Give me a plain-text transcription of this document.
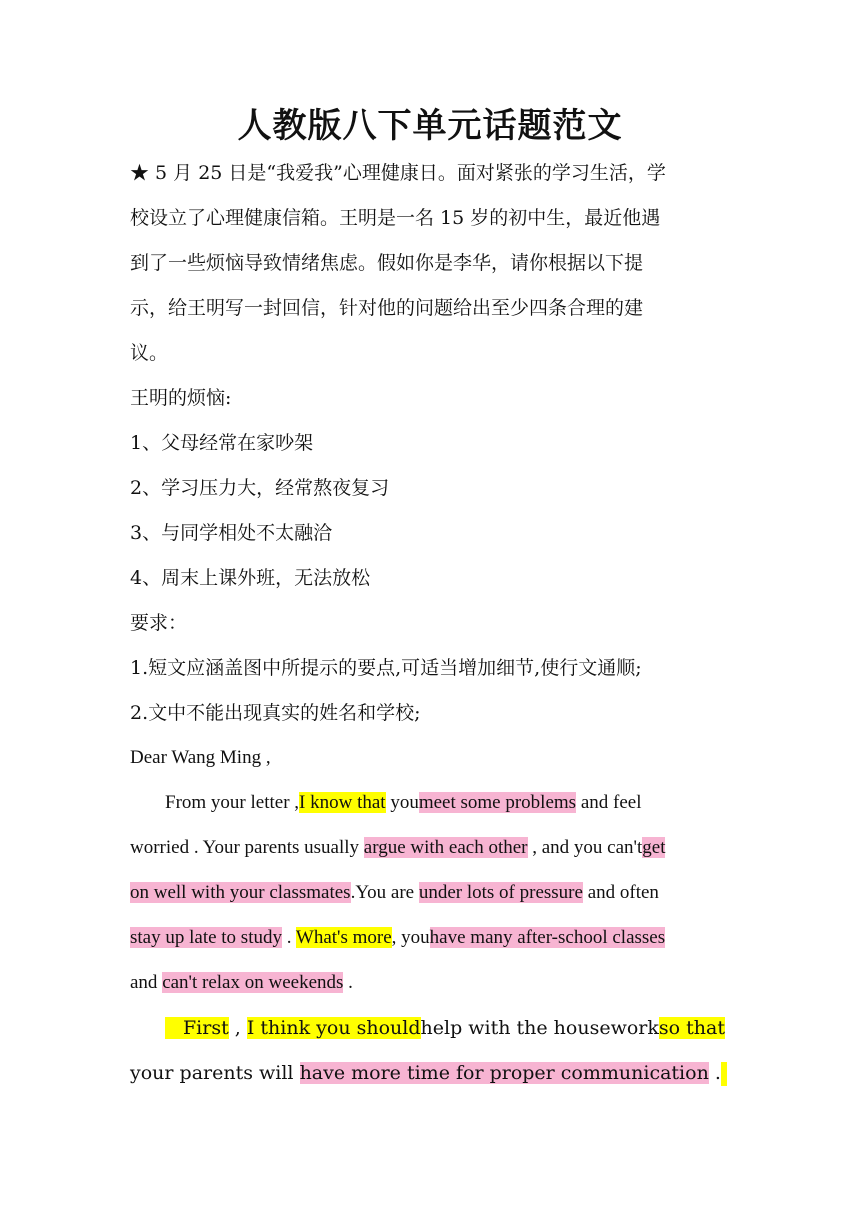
人教版八下单元话题范文
★ 5 月 25 日是“我爱我”心理健康日。面对紧张的学习生活，学
校设立了心理健康信箱。王明是一名 15 岁的初中生，最近他遇
到了一些烦恼导致情绪焦虑。假如你是李华，请你根据以下提
示，给王明写一封回信，针对他的问题给出至少四条合理的建
议。
王明的烦恼:
1、父母经常在家吵架
2、学习压力大，经常熬夜复习
3、与同学相处不太融洽
4、周末上课外班，无法放松
要求：
1.短文应涵盖图中所提示的要点,可适当增加细节,使行文通顺;
2.文中不能出现真实的姓名和学校;
Dear Wang Ming ,
From your letter ,I know that youmeet some problems and feel
worried . Your parents usually argue with each other , and you can'tget
on well with your classmates.You are under lots of pressure and often
stay up late to study . What's more, youhave many after-school classes
and can't relax on weekends .
First , I think you shouldhelp with the houseworkso that
your parents will have more time for proper communication .
